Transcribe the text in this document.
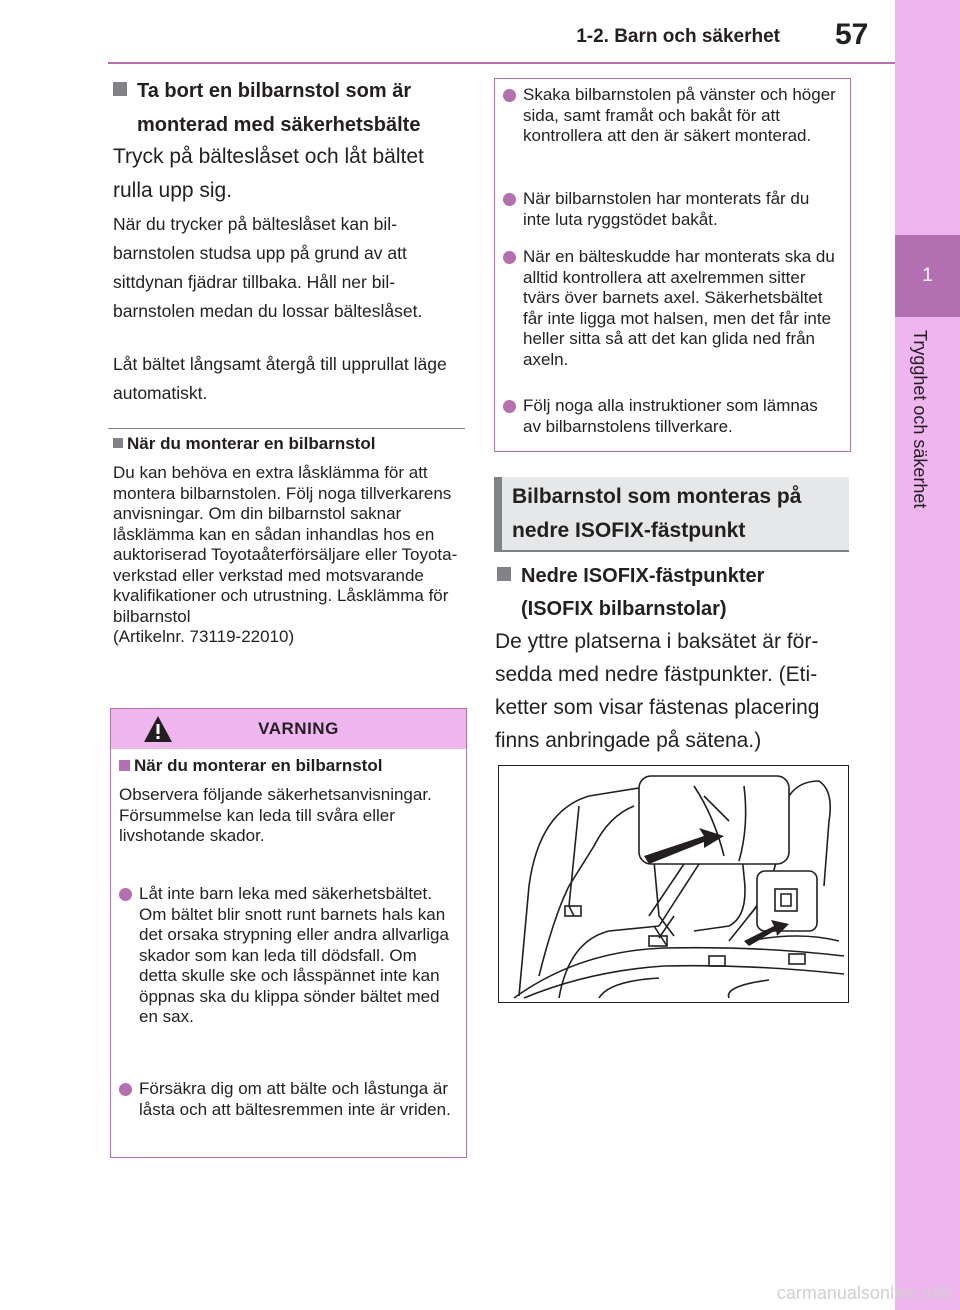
1-2. Barn och säkerhet 57
1
Trygghet och säkerhet
Ta bort en bilbarnstol som är
monterad med säkerhetsbälte
Tryck på bälteslåset och låt bältet rulla upp sig.
När du trycker på bälteslåset kan bilbarnstolen studsa upp på grund av att sittdynan fjädrar tillbaka. Håll ner bilbarnstolen medan du lossar bälteslåset.
Låt bältet långsamt återgå till upprullat läge automatiskt.
När du monterar en bilbarnstol
Du kan behöva en extra låsklämma för att montera bilbarnstolen. Följ noga tillverkarens anvisningar. Om din bilbarnstol saknar låsklämma kan en sådan inhandlas hos en auktoriserad Toyotaåterförsäljare eller Toyota-verkstad eller verkstad med motsvarande kvalifikationer och utrustning. Låsklämma för bilbarnstol
(Artikelnr. 73119-22010)
VARNING
När du monterar en bilbarnstol
Observera följande säkerhetsanvisningar.
Försummelse kan leda till svåra eller livshotande skador.
Låt inte barn leka med säkerhetsbältet. Om bältet blir snott runt barnets hals kan det orsaka strypning eller andra allvarliga skador som kan leda till dödsfall. Om detta skulle ske och låsspännet inte kan öppnas ska du klippa sönder bältet med en sax.
Försäkra dig om att bälte och låstunga är låsta och att bältesremmen inte är vriden.
Skaka bilbarnstolen på vänster och höger sida, samt framåt och bakåt för att kontrollera att den är säkert monterad.
När bilbarnstolen har monterats får du inte luta ryggstödet bakåt.
När en bälteskudde har monterats ska du alltid kontrollera att axelremmen sitter tvärs över barnets axel. Säkerhetsbältet får inte ligga mot halsen, men det får inte heller sitta så att det kan glida ned från axeln.
Följ noga alla instruktioner som lämnas av bilbarnstolens tillverkare.
Bilbarnstol som monteras på nedre ISOFIX-fästpunkt
Nedre ISOFIX-fästpunkter
(ISOFIX bilbarnstolar)
De yttre platserna i baksätet är försedda med nedre fästpunkter. (Etiketter som visar fästenas placering finns anbringade på sätena.)
carmanualsonline.info
